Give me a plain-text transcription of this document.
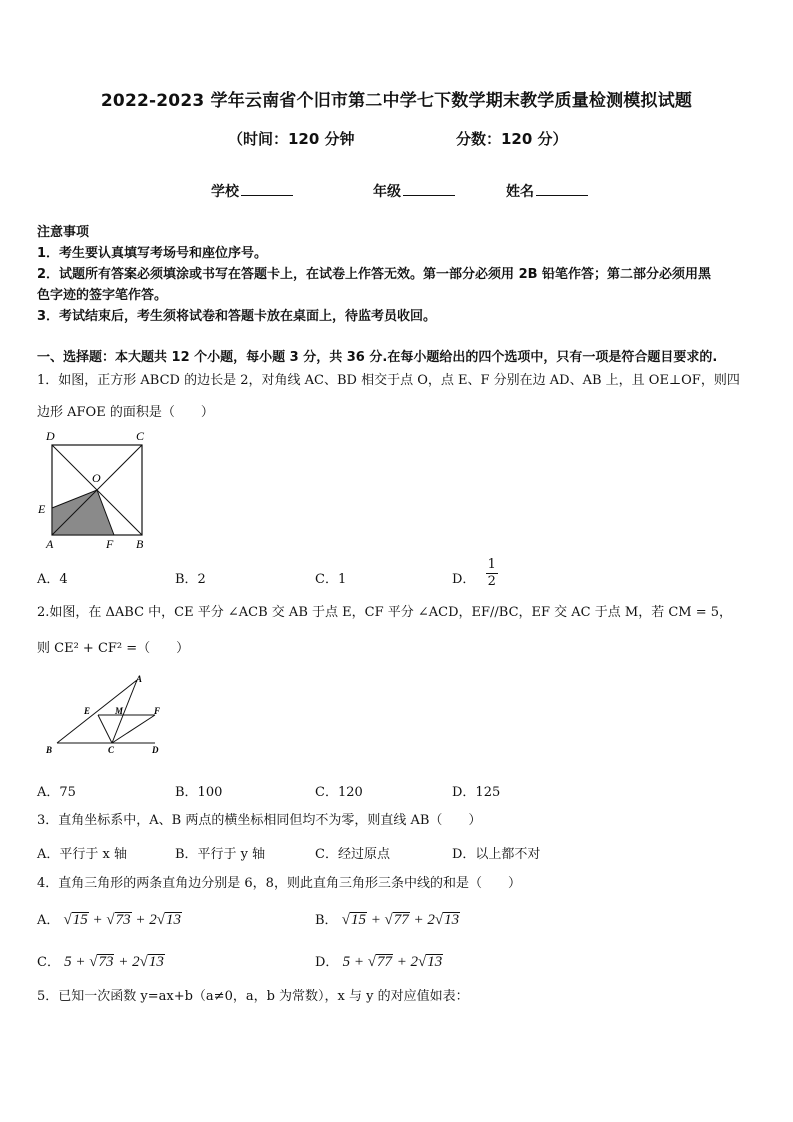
2022-2023 学年云南省个旧市第二中学七下数学期末教学质量检测模拟试题
（时间：120 分钟	分数：120 分）
学校	年级	姓名
注意事项
1．考生要认真填写考场号和座位序号。
2．试题所有答案必须填涂或书写在答题卡上，在试卷上作答无效。第一部分必须用 2B 铅笔作答；第二部分必须用黑
色字迹的签字笔作答。
3．考试结束后，考生须将试卷和答题卡放在桌面上，待监考员收回。
一、选择题：本大题共 12 个小题，每小题 3 分，共 36 分.在每小题给出的四个选项中，只有一项是符合题目要求的.
1．如图，正方形 ABCD 的边长是 2，对角线 AC、BD 相交于点 O，点 E、F 分别在边 AD、AB 上，且 OE⊥OF，则四
边形 AFOE 的面积是（　　）
D	C
O
E
A	F B
A．4	B．2	C．1	D． $\frac{1}{2}$
2.如图，在 ΔABC 中，CE 平分 ∠ACB 交 AB 于点 E，CF 平分 ∠ACD，EF//BC，EF 交 AC 于点 M，若 CM = 5，
则 CE² + CF² =（　　）
A
E	M	F
B	C	D
A．75	B．100	C．120	D．125
3．直角坐标系中，A、B 两点的横坐标相同但均不为零，则直线 AB（　　）
A．平行于 x 轴	B．平行于 y 轴	C．经过原点	D．以上都不对
4．直角三角形的两条直角边分别是 6，8，则此直角三角形三条中线的和是（　　）
A． √15 + √73 + 2√13	B． √15 + √77 + 2√13
C． 5 + √73 + 2√13	D． 5 + √77 + 2√13
5．已知一次函数 y=ax+b（a≠0，a，b 为常数），x 与 y 的对应值如表：
